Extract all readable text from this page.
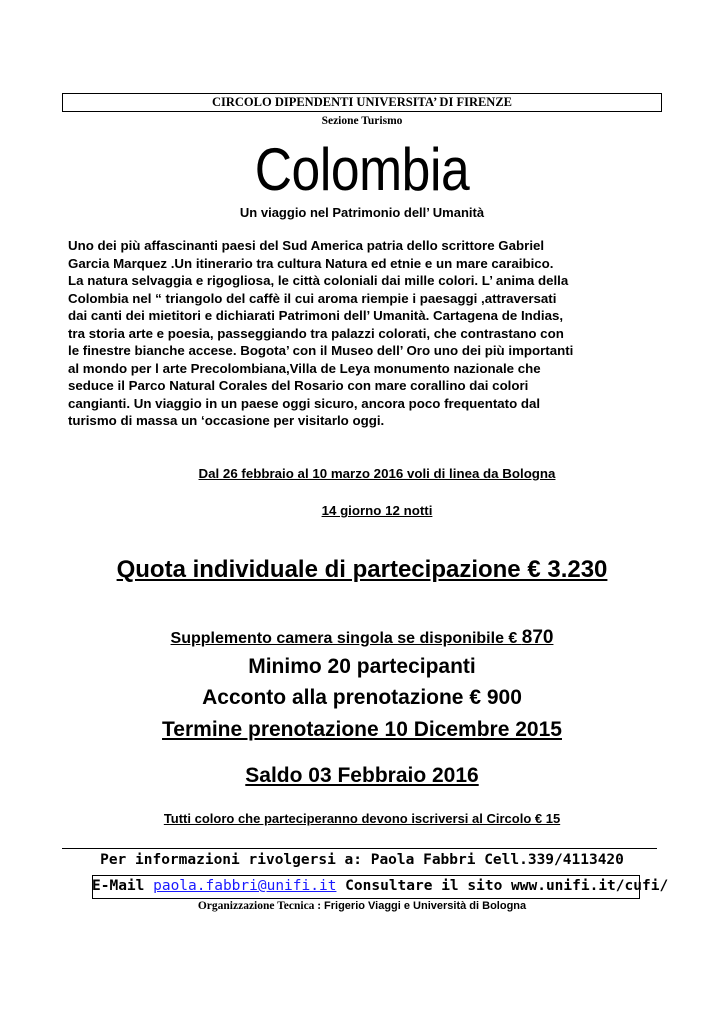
CIRCOLO DIPENDENTI UNIVERSITA’ DI FIRENZE
Sezione Turismo
Colombia
Un viaggio nel Patrimonio dell’ Umanità
Uno dei più affascinanti paesi del Sud America patria dello scrittore Gabriel
Garcia Marquez .Un itinerario tra cultura Natura ed etnie e un mare caraibico.
La natura selvaggia e rigogliosa, le città coloniali dai mille colori. L’ anima della
Colombia nel “ triangolo del caffè il cui aroma riempie i paesaggi ,attraversati
dai canti dei mietitori e dichiarati Patrimoni dell’ Umanità. Cartagena de Indias,
tra storia arte e poesia, passeggiando tra palazzi colorati, che contrastano con
le finestre bianche accese. Bogota’ con il Museo dell’ Oro uno dei più importanti
al mondo per l arte Precolombiana,Villa de Leya monumento nazionale che
seduce il Parco Natural Corales del Rosario con mare corallino dai colori
cangianti. Un viaggio in un paese oggi sicuro, ancora poco frequentato dal
turismo di massa un ‘occasione per visitarlo oggi.
Dal 26 febbraio al 10 marzo 2016 voli di linea da Bologna
14 giorno 12 notti
Quota individuale di partecipazione € 3.230
Supplemento camera singola se disponibile € 870
Minimo 20 partecipanti
Acconto alla prenotazione € 900
Termine prenotazione 10 Dicembre 2015
Saldo 03 Febbraio 2016
Tutti coloro che parteciperanno devono iscriversi al Circolo € 15
Per informazioni rivolgersi a: Paola Fabbri Cell.339/4113420
E-Mail paola.fabbri@unifi.it Consultare il sito www.unifi.it/cufi/
Organizzazione Tecnica : Frigerio Viaggi e Università di Bologna
